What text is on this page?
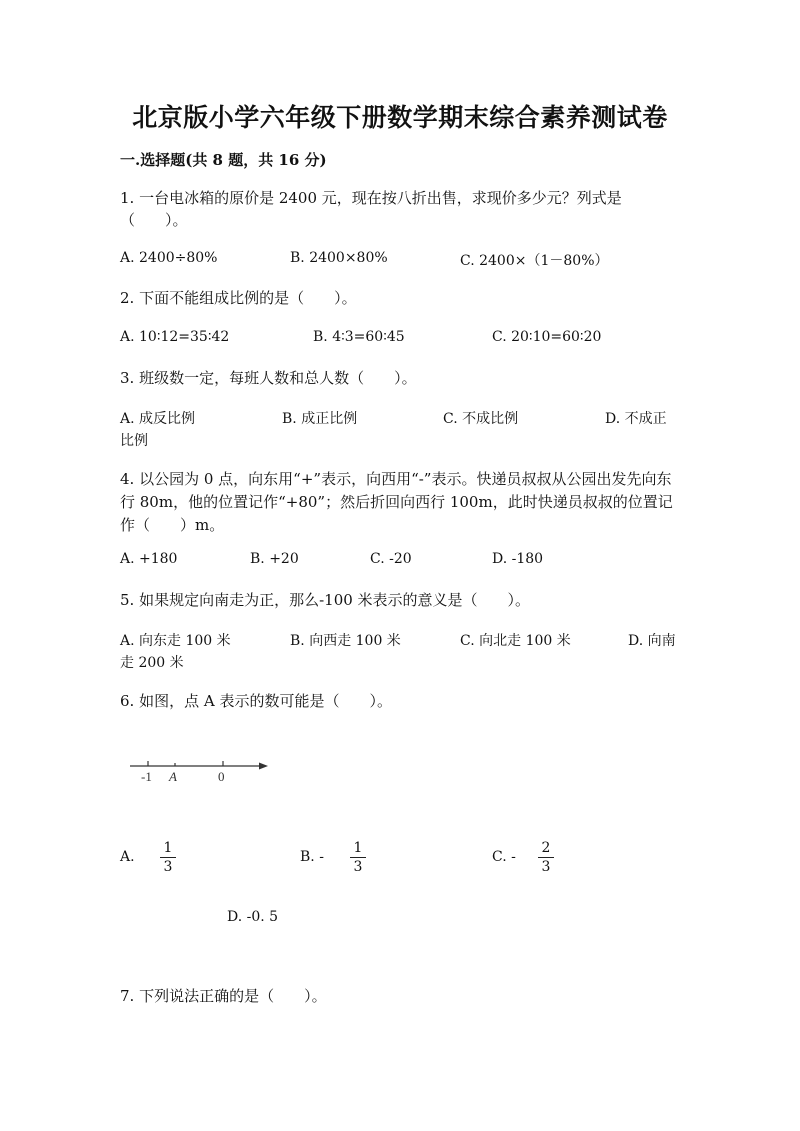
北京版小学六年级下册数学期末综合素养测试卷
一.选择题(共 8 题，共 16 分)
1. 一台电冰箱的原价是 2400 元，现在按八折出售，求现价多少元？列式是（　　）。
A. 2400÷80%	B. 2400×80%	C. 2400×（1－80%）
2. 下面不能组成比例的是（　　）。
A. 10∶12=35∶42	B. 4∶3=60∶45	C. 20∶10=60∶20
3. 班级数一定，每班人数和总人数（　　）。
A. 成反比例	B. 成正比例	C. 不成比例	D. 不成正
比例
4. 以公园为 0 点，向东用“+”表示，向西用“-”表示。快递员叔叔从公园出发先向东行 80m，他的位置记作“+80”；然后折回向西行 100m，此时快递员叔叔的位置记作（　　）m。
A. +180	B. +20	C. -20	D. -180
5. 如果规定向南走为正，那么-100 米表示的意义是（　　）。
A. 向东走 100 米	B. 向西走 100 米	C. 向北走 100 米	D. 向南
走 200 米
6. 如图，点 A 表示的数可能是（　　）。
-1 A	0
A.
1
3
B. -
1
3
C. -
2
3
D. -0. 5
7. 下列说法正确的是（　　）。
